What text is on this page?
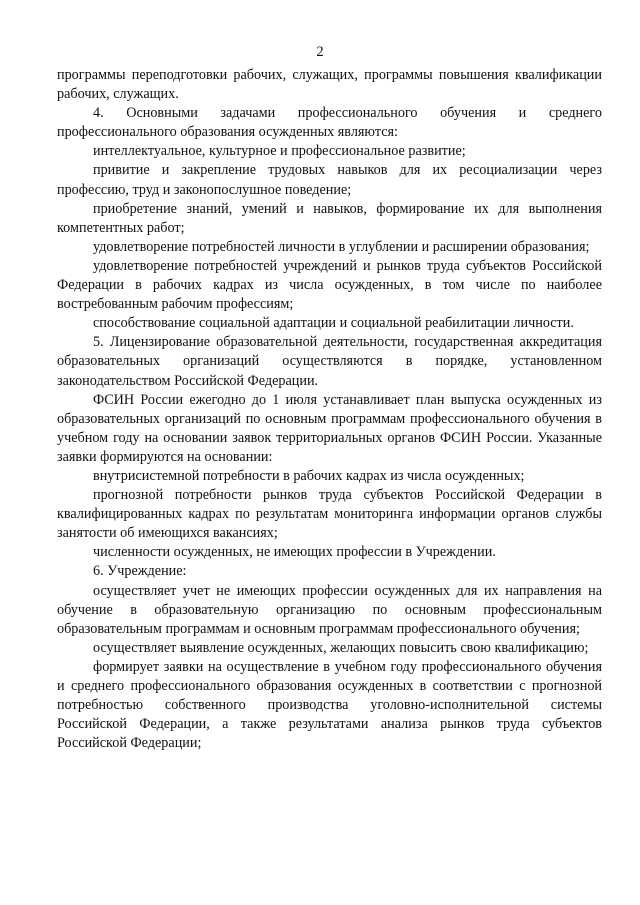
2

программы переподготовки рабочих, служащих, программы повышения квалификации рабочих, служащих.

4. Основными задачами профессионального обучения и среднего профессионального образования осужденных являются:

интеллектуальное, культурное и профессиональное развитие;

привитие и закрепление трудовых навыков для их ресоциализации через профессию, труд и законопослушное поведение;

приобретение знаний, умений и навыков, формирование их для выполнения компетентных работ;

удовлетворение потребностей личности в углублении и расширении образования;

удовлетворение потребностей учреждений и рынков труда субъектов Российской Федерации в рабочих кадрах из числа осужденных, в том числе по наиболее востребованным рабочим профессиям;

способствование социальной адаптации и социальной реабилитации личности.

5. Лицензирование образовательной деятельности, государственная аккредитация образовательных организаций осуществляются в порядке, установленном законодательством Российской Федерации.

ФСИН России ежегодно до 1 июля устанавливает план выпуска осужденных из образовательных организаций по основным программам профессионального обучения в учебном году на основании заявок территориальных органов ФСИН России. Указанные заявки формируются на основании:

внутрисистемной потребности в рабочих кадрах из числа осужденных;

прогнозной потребности рынков труда субъектов Российской Федерации в квалифицированных кадрах по результатам мониторинга информации органов службы занятости об имеющихся вакансиях;

численности осужденных, не имеющих профессии в Учреждении.

6. Учреждение:

осуществляет учет не имеющих профессии осужденных для их направления на обучение в образовательную организацию по основным профессиональным образовательным программам и основным программам профессионального обучения;

осуществляет выявление осужденных, желающих повысить свою квалификацию;

формирует заявки на осуществление в учебном году профессионального обучения и среднего профессионального образования осужденных в соответствии с прогнозной потребностью собственного производства уголовно-исполнительной системы Российской Федерации, а также результатами анализа рынков труда субъектов Российской Федерации;
